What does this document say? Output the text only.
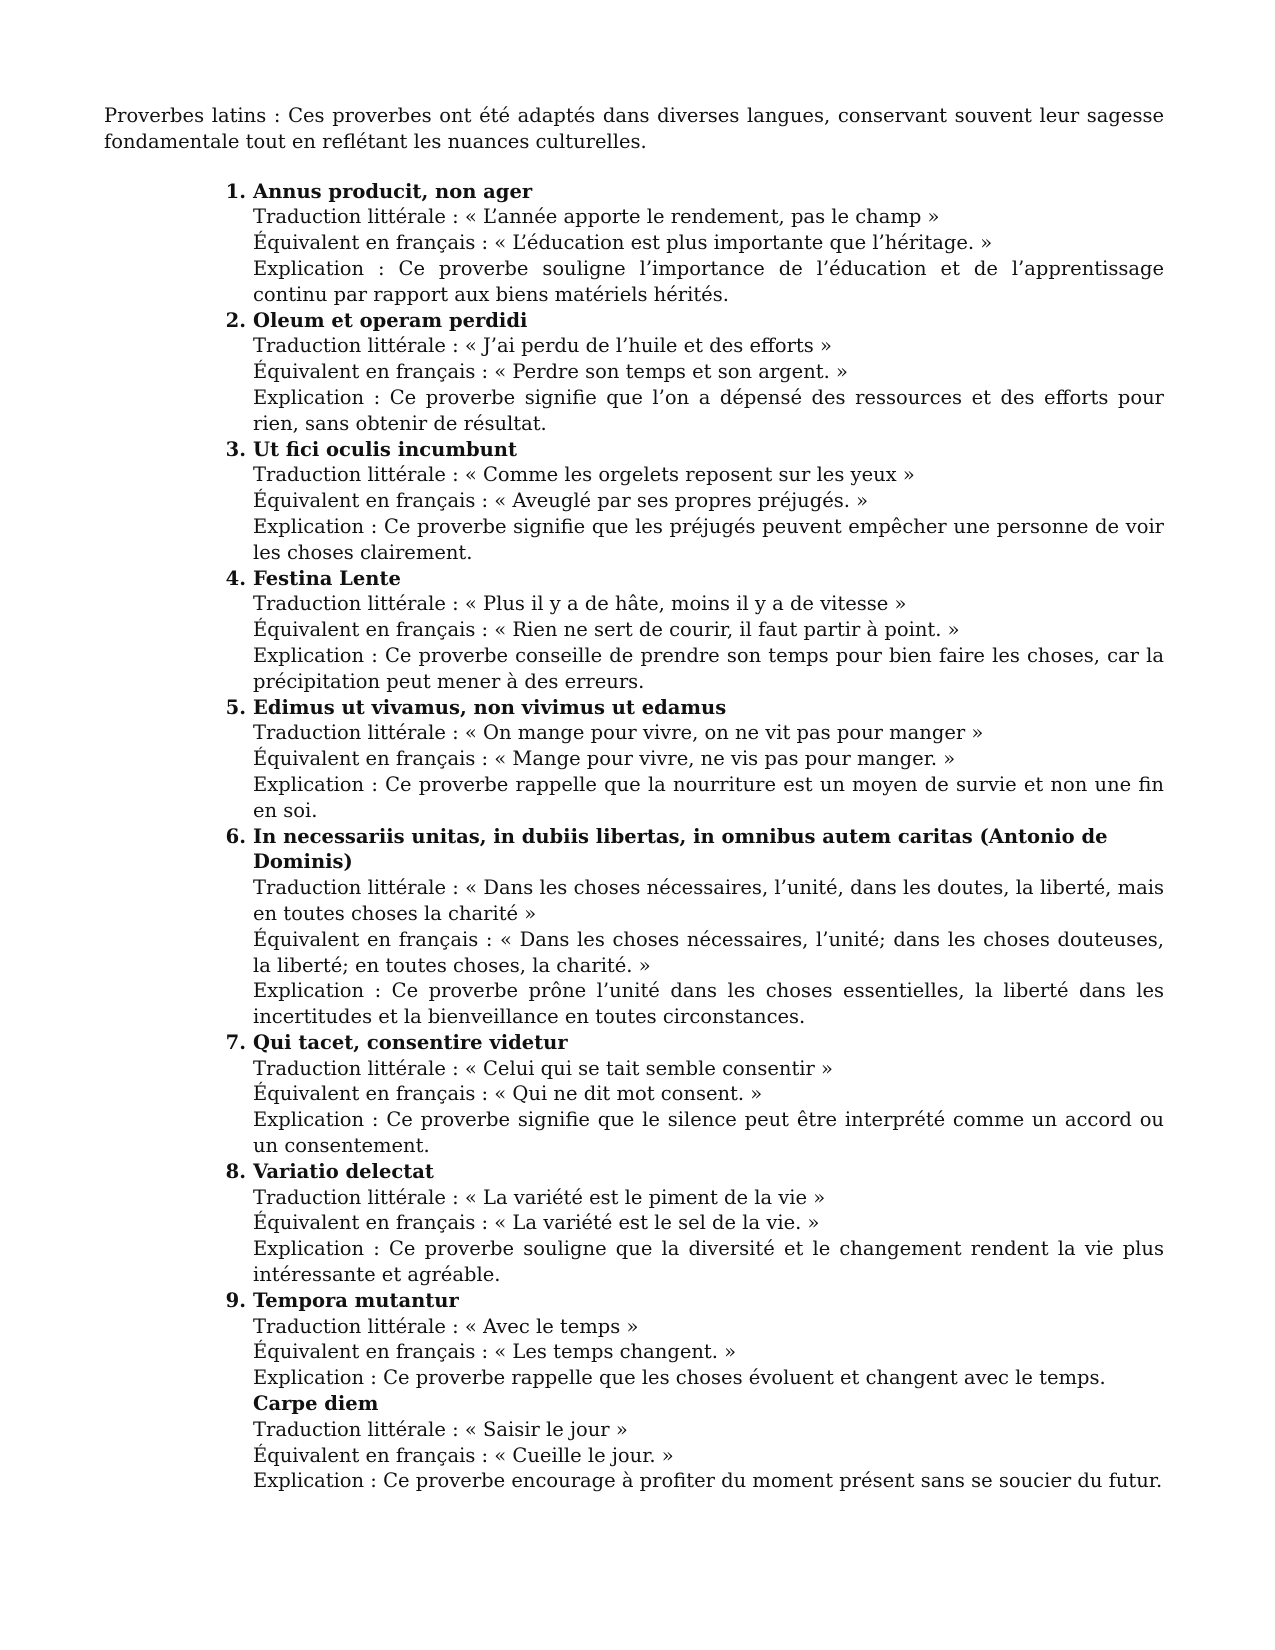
Proverbes latins : Ces proverbes ont été adaptés dans diverses langues, conservant souvent leur sagesse fondamentale tout en reflétant les nuances culturelles.

1. Annus producit, non ager
Traduction littérale : « L’année apporte le rendement, pas le champ »
Équivalent en français : « L’éducation est plus importante que l’héritage. »
Explication : Ce proverbe souligne l’importance de l’éducation et de l’apprentissage continu par rapport aux biens matériels hérités.
2. Oleum et operam perdidi
Traduction littérale : « J’ai perdu de l’huile et des efforts »
Équivalent en français : « Perdre son temps et son argent. »
Explication : Ce proverbe signifie que l’on a dépensé des ressources et des efforts pour rien, sans obtenir de résultat.
3. Ut fici oculis incumbunt
Traduction littérale : « Comme les orgelets reposent sur les yeux »
Équivalent en français : « Aveuglé par ses propres préjugés. »
Explication : Ce proverbe signifie que les préjugés peuvent empêcher une personne de voir les choses clairement.
4. Festina Lente
Traduction littérale : « Plus il y a de hâte, moins il y a de vitesse »
Équivalent en français : « Rien ne sert de courir, il faut partir à point. »
Explication : Ce proverbe conseille de prendre son temps pour bien faire les choses, car la précipitation peut mener à des erreurs.
5. Edimus ut vivamus, non vivimus ut edamus
Traduction littérale : « On mange pour vivre, on ne vit pas pour manger »
Équivalent en français : « Mange pour vivre, ne vis pas pour manger. »
Explication : Ce proverbe rappelle que la nourriture est un moyen de survie et non une fin en soi.
6. In necessariis unitas, in dubiis libertas, in omnibus autem caritas (Antonio de Dominis)
Traduction littérale : « Dans les choses nécessaires, l’unité, dans les doutes, la liberté, mais en toutes choses la charité »
Équivalent en français : « Dans les choses nécessaires, l’unité; dans les choses douteuses, la liberté; en toutes choses, la charité. »
Explication : Ce proverbe prône l’unité dans les choses essentielles, la liberté dans les incertitudes et la bienveillance en toutes circonstances.
7. Qui tacet, consentire videtur
Traduction littérale : « Celui qui se tait semble consentir »
Équivalent en français : « Qui ne dit mot consent. »
Explication : Ce proverbe signifie que le silence peut être interprété comme un accord ou un consentement.
8. Variatio delectat
Traduction littérale : « La variété est le piment de la vie »
Équivalent en français : « La variété est le sel de la vie. »
Explication : Ce proverbe souligne que la diversité et le changement rendent la vie plus intéressante et agréable.
9. Tempora mutantur
Traduction littérale : « Avec le temps »
Équivalent en français : « Les temps changent. »
Explication : Ce proverbe rappelle que les choses évoluent et changent avec le temps.
Carpe diem
Traduction littérale : « Saisir le jour »
Équivalent en français : « Cueille le jour. »
Explication : Ce proverbe encourage à profiter du moment présent sans se soucier du futur.
